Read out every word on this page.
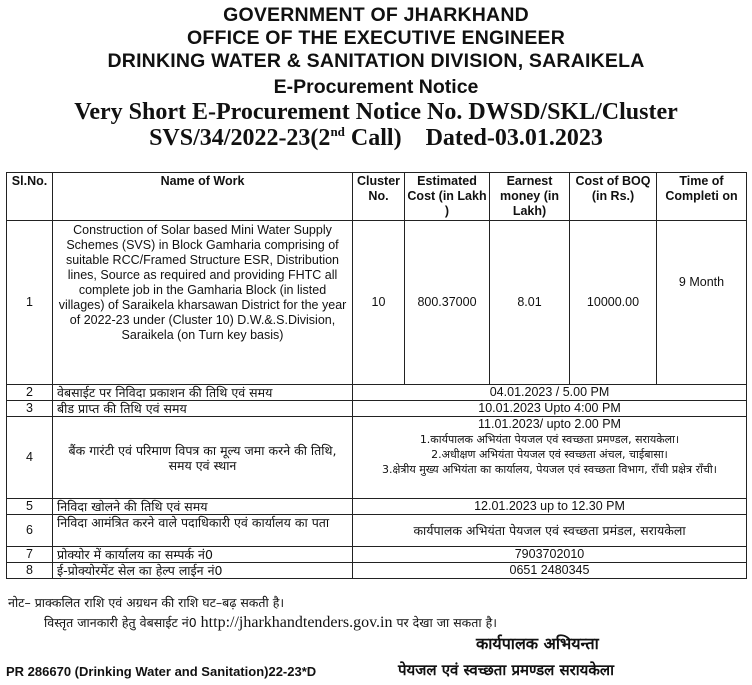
GOVERNMENT OF JHARKHAND
OFFICE OF THE EXECUTIVE ENGINEER
DRINKING WATER & SANITATION DIVISION, SARAIKELA
E-Procurement Notice
Very Short E-Procurement Notice No. DWSD/SKL/Cluster
SVS/34/2022-23(2nd Call) Dated-03.01.2023
Sl.No.	Name of Work	Cluster No.	Estimated Cost (in Lakh )	Earnest money (in Lakh)	Cost of BOQ (in Rs.)	Time of Completi on
1	Construction of Solar based Mini Water Supply Schemes (SVS) in Block Gamharia comprising of suitable RCC/Framed Structure ESR, Distribution lines, Source as required and providing FHTC all complete job in the Gamharia Block (in listed villages) of Saraikela kharsawan District for the year of 2022-23 under (Cluster 10) D.W.&.S.Division, Saraikela (on Turn key basis)	10	800.37000	8.01	10000.00	9 Month
2	वेबसाईट पर निविदा प्रकाशन की तिथि एवं समय	04.01.2023 / 5.00 PM				
3	बीड प्राप्त की तिथि एवं समय	10.01.2023 Upto 4:00 PM				
4	बैंक गारंटी एवं परिमाण विपत्र का मूल्य जमा करने की तिथि, समय एवं स्थान	11.01.2023/ upto 2.00 PM
1.कार्यपालक अभियंता पेयजल एवं स्वच्छता प्रमण्डल, सरायकेला।
2.अधीक्षण अभियंता पेयजल एवं स्वच्छता अंचल, चाईबासा।
3.क्षेत्रीय मुख्य अभियंता का कार्यालय, पेयजल एवं स्वच्छता विभाग, राँची प्रक्षेत्र राँची।				

5	निविदा खोलने की तिथि एवं समय	12.01.2023 up to 12.30 PM				
6	निविदा आमंत्रित करने वाले पदाधिकारी एवं कार्यालय का पता	कार्यपालक अभियंता पेयजल एवं स्वच्छता प्रमंडल, सरायकेला				
7	प्रोक्योर में कार्यालय का सम्पर्क नं0	7903702010				
8	ई-प्रोक्योरमेंट सेल का हेल्प लाईन नं0	0651 2480345				
नोट– प्राक्कलित राशि एवं अग्रधन की राशि घट–बढ़ सकती है।
विस्तृत जानकारी हेतु वेबसाईट नं0 http://jharkhandtenders.gov.in पर देखा जा सकता है।
कार्यपालक अभियन्ता
पेयजल एवं स्वच्छता प्रमण्डल सरायकेला
PR 286670 (Drinking Water and Sanitation)22-23*D
